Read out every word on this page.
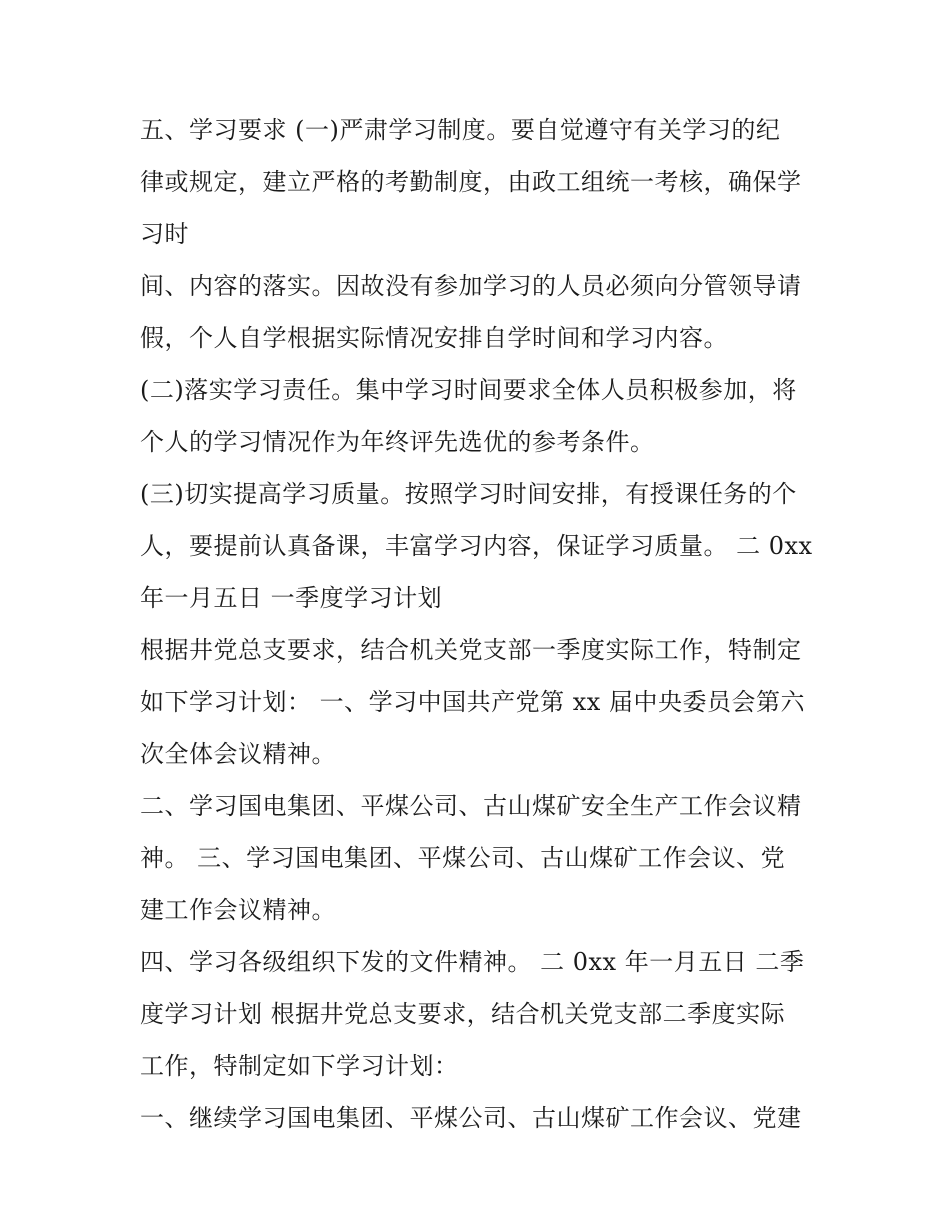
五、学习要求 (一)严肃学习制度。要自觉遵守有关学习的纪
律或规定，建立严格的考勤制度，由政工组统一考核，确保学
习时
间、内容的落实。因故没有参加学习的人员必须向分管领导请
假，个人自学根据实际情况安排自学时间和学习内容。
(二)落实学习责任。集中学习时间要求全体人员积极参加，将
个人的学习情况作为年终评先选优的参考条件。
(三)切实提高学习质量。按照学习时间安排，有授课任务的个
人，要提前认真备课，丰富学习内容，保证学习质量。 二 0xx
年一月五日 一季度学习计划
根据井党总支要求，结合机关党支部一季度实际工作，特制定
如下学习计划： 一、学习中国共产党第 xx 届中央委员会第六
次全体会议精神。
二、学习国电集团、平煤公司、古山煤矿安全生产工作会议精
神。 三、学习国电集团、平煤公司、古山煤矿工作会议、党
建工作会议精神。
四、学习各级组织下发的文件精神。 二 0xx 年一月五日 二季
度学习计划 根据井党总支要求，结合机关党支部二季度实际
工作，特制定如下学习计划：
一、继续学习国电集团、平煤公司、古山煤矿工作会议、党建
